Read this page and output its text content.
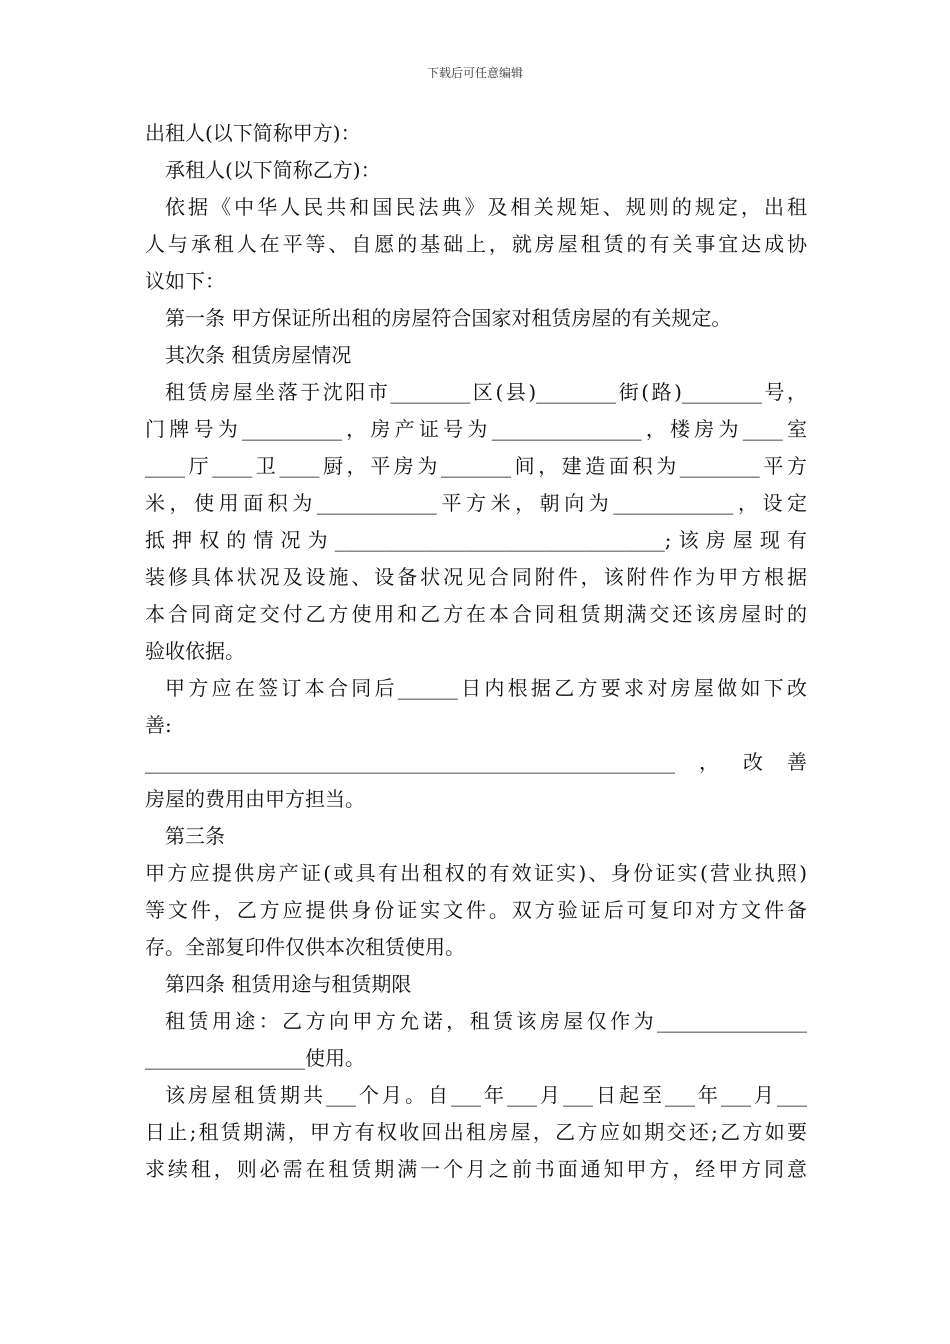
下载后可任意编辑
出租人(以下简称甲方)：
承租人(以下简称乙方)：
依据《中华人民共和国民法典》及相关规矩、规则的规定，出租
人与承租人在平等、自愿的基础上，就房屋租赁的有关事宜达成协
议如下：
第一条 甲方保证所出租的房屋符合国家对租赁房屋的有关规定。
其次条 租赁房屋情况
租赁房屋坐落于沈阳市________区(县)________街(路)________号，
门牌号为__________，房产证号为_______________，楼房为____室
____厅____卫____厨，平房为_______间，建造面积为________平方
米，使用面积为____________平方米，朝向为____________，设定
抵押权的情况为_________________________________;该房屋现有
装修具体状况及设施、设备状况见合同附件，该附件作为甲方根据
本合同商定交付乙方使用和乙方在本合同租赁期满交还该房屋时的
验收依据。
甲方应在签订本合同后______日内根据乙方要求对房屋做如下改
善:
_____________________________________________________，改善
房屋的费用由甲方担当。
第三条
甲方应提供房产证(或具有出租权的有效证实)、身份证实(营业执照)
等文件，乙方应提供身份证实文件。双方验证后可复印对方文件备
存。全部复印件仅供本次租赁使用。
第四条 租赁用途与租赁期限
租赁用途：乙方向甲方允诺，租赁该房屋仅作为_______________
________________使用。
该房屋租赁期共___个月。自___年___月___日起至___年___月___
日止;租赁期满，甲方有权收回出租房屋，乙方应如期交还;乙方如要
求续租，则必需在租赁期满一个月之前书面通知甲方，经甲方同意
